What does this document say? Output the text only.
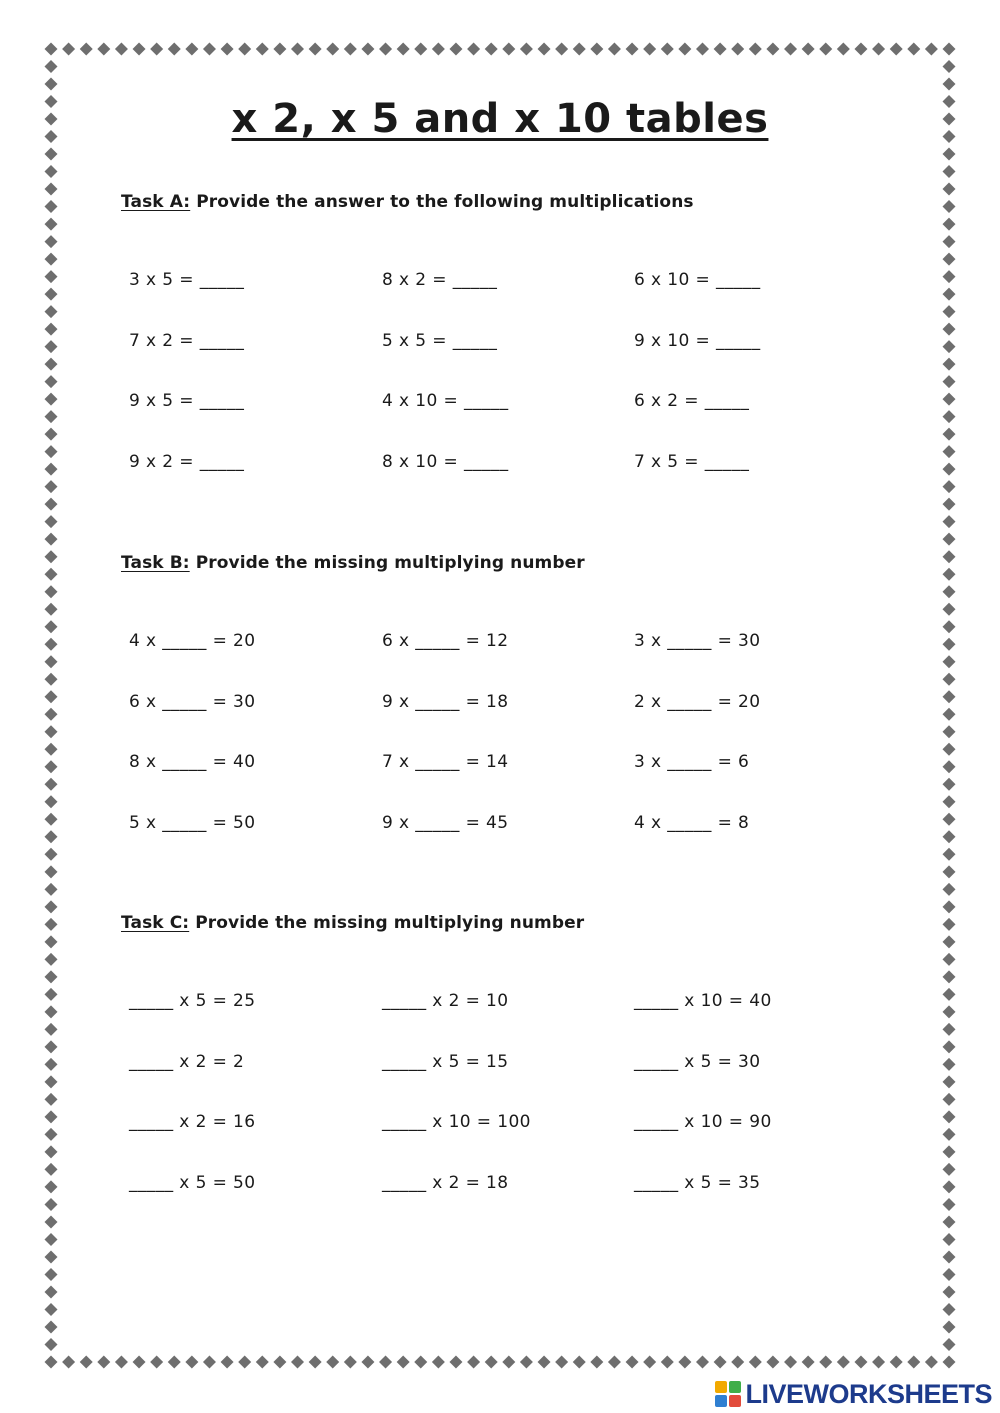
x 2, x 5 and x 10 tables

Task A: Provide the answer to the following multiplications

3 x 5 = _____	8 x 2 = _____	6 x 10 = _____

7 x 2 = _____	5 x 5 = _____	9 x 10 = _____

9 x 5 = _____	4 x 10 = _____	6 x 2 = _____

9 x 2 = _____	8 x 10 = _____	7 x 5 = _____

Task B: Provide the missing multiplying number

4 x _____ = 20	6 x _____ = 12	3 x _____ = 30

6 x _____ = 30	9 x _____ = 18	2 x _____ = 20

8 x _____ = 40	7 x _____ = 14	3 x _____ = 6

5 x _____ = 50	9 x _____ = 45	4 x _____ = 8

Task C: Provide the missing multiplying number

_____ x 5 = 25	_____ x 2 = 10	_____ x 10 = 40

_____ x 2 = 2	_____ x 5 = 15	_____ x 5 = 30

_____ x 2 = 16	_____ x 10 = 100	_____ x 10 = 90

_____ x 5 = 50	_____ x 2 = 18	_____ x 5 = 35

LIVEWORKSHEETS
